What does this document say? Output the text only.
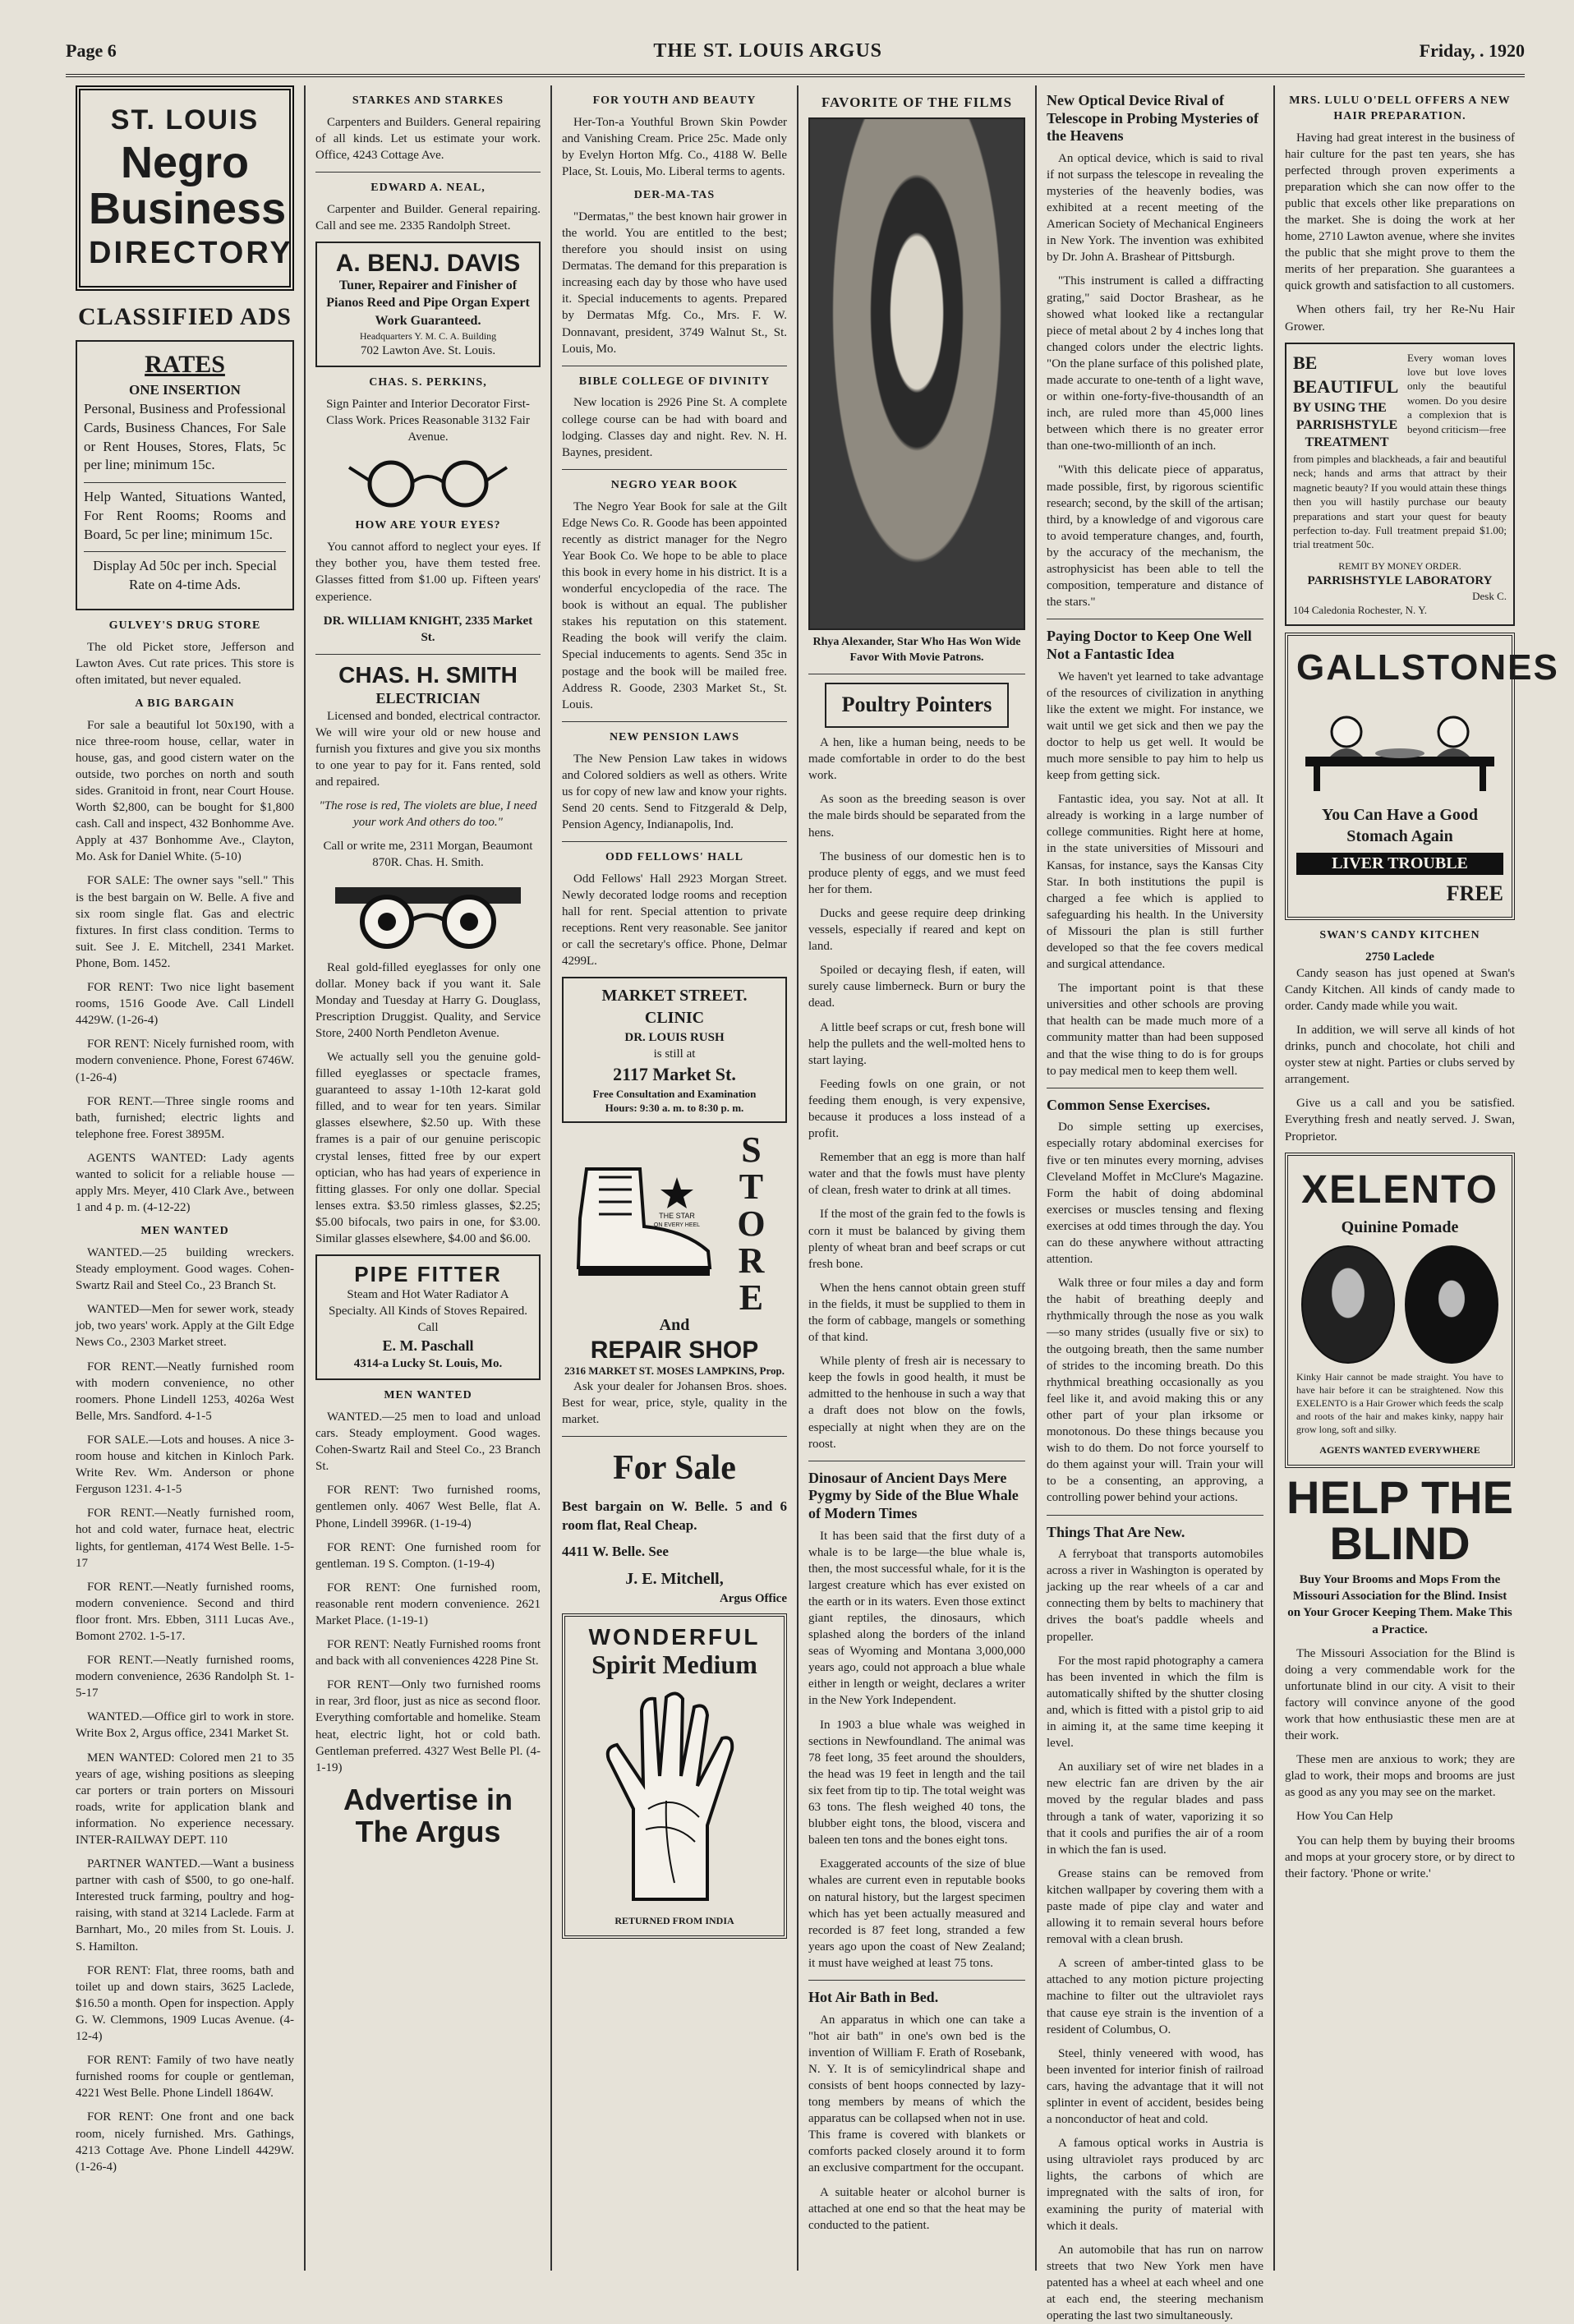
Page 6	THE ST. LOUIS ARGUS	Friday, . 1920
ST. LOUIS
Negro Business
DIRECTORY
CLASSIFIED ADS
RATES
ONE INSERTION

Personal, Business and Professional Cards, Business Chances, For Sale or Rent Houses, Stores, Flats, 5c per line; minimum 15c.

Help Wanted, Situations Wanted, For Rent Rooms; Rooms and Board, 5c per line; minimum 15c.

Display Ad 50c per inch. Special Rate on 4-time Ads.

GULVEY'S DRUG STORE

The old Picket store, Jefferson and Lawton Aves. Cut rate prices. This store is often imitated, but never equaled.

A BIG BARGAIN

For sale a beautiful lot 50x190, with a nice three-room house, cellar, water in house, gas, and good cistern water on the outside, two porches on north and south sides. Granitoid in front, near Court House. Worth $2,800, can be bought for $1,800 cash. Call and inspect, 432 Bonhomme Ave. Apply at 437 Bonhomme Ave., Clayton, Mo. Ask for Daniel White. (5-10)

FOR SALE: The owner says "sell." This is the best bargain on W. Belle. A five and six room single flat. Gas and electric fixtures. In first class condition. Terms to suit. See J. E. Mitchell, 2341 Market. Phone, Bom. 1452.

FOR RENT: Two nice light basement rooms, 1516 Goode Ave. Call Lindell 4429W. (1-26-4)

FOR RENT: Nicely furnished room, with modern convenience. Phone, Forest 6746W. (1-26-4)

FOR RENT.—Three single rooms and bath, furnished; electric lights and telephone free. Forest 3895M.

AGENTS WANTED: Lady agents wanted to solicit for a reliable house —apply Mrs. Meyer, 410 Clark Ave., between 1 and 4 p. m. (4-12-22)

MEN WANTED

WANTED.—25 building wreckers. Steady employment. Good wages. Cohen-Swartz Rail and Steel Co., 23 Branch St.

WANTED—Men for sewer work, steady job, two years' work. Apply at the Gilt Edge News Co., 2303 Market street.

FOR RENT.—Neatly furnished room with modern convenience, no other roomers. Phone Lindell 1253, 4026a West Belle, Mrs. Sandford. 4-1-5

FOR SALE.—Lots and houses. A nice 3-room house and kitchen in Kinloch Park. Write Rev. Wm. Anderson or phone Ferguson 1231. 4-1-5

FOR RENT.—Neatly furnished room, hot and cold water, furnace heat, electric lights, for gentleman, 4174 West Belle. 1-5-17

FOR RENT.—Neatly furnished rooms, modern convenience. Second and third floor front. Mrs. Ebben, 3111 Lucas Ave., Bomont 2702. 1-5-17.

FOR RENT.—Neatly furnished rooms, modern convenience, 2636 Randolph St. 1-5-17

WANTED.—Office girl to work in store. Write Box 2, Argus office, 2341 Market St.

MEN WANTED: Colored men 21 to 35 years of age, wishing positions as sleeping car porters or train porters on Missouri roads, write for application blank and information. No experience necessary. INTER-RAILWAY DEPT. 110

PARTNER WANTED.—Want a business partner with cash of $500, to go one-half. Interested truck farming, poultry and hog-raising, with stand at 3214 Laclede. Farm at Barnhart, Mo., 20 miles from St. Louis. J. S. Hamilton.

FOR RENT: Flat, three rooms, bath and toilet up and down stairs, 3625 Laclede, $16.50 a month. Open for inspection. Apply G. W. Clemmons, 1909 Lucas Avenue. (4-12-4)

FOR RENT: Family of two have neatly furnished rooms for couple or gentleman, 4221 West Belle. Phone Lindell 1864W.

FOR RENT: One front and one back room, nicely furnished. Mrs. Gathings, 4213 Cottage Ave. Phone Lindell 4429W. (1-26-4)

STARKES AND STARKES

Carpenters and Builders. General repairing of all kinds. Let us estimate your work. Office, 4243 Cottage Ave.

EDWARD A. NEAL,

Carpenter and Builder. General repairing. Call and see me. 2335 Randolph Street.

A. BENJ. DAVIS
Tuner, Repairer and Finisher of Pianos Reed and Pipe Organ Expert Work Guaranteed.
Headquarters Y. M. C. A. Building
702 Lawton Ave. St. Louis.
CHAS. S. PERKINS,

Sign Painter and Interior Decorator First-Class Work. Prices Reasonable 3132 Fair Avenue.

HOW ARE YOUR EYES?

You cannot afford to neglect your eyes. If they bother you, have them tested free. Glasses fitted from $1.00 up. Fifteen years' experience.

DR. WILLIAM KNIGHT, 2335 Market St.

CHAS. H. SMITH
ELECTRICIAN

Licensed and bonded, electrical contractor. We will wire your old or new house and furnish you fixtures and give you six months to one year to pay for it. Fans rented, sold and repaired.

"The rose is red, The violets are blue, I need your work And others do too."

Call or write me, 2311 Morgan, Beaumont 870R. Chas. H. Smith.

Real gold-filled eyeglasses for only one dollar. Money back if you want it. Sale Monday and Tuesday at Harry G. Douglass, Prescription Druggist. Quality, and Service Store, 2400 North Pendleton Avenue.

We actually sell you the genuine gold-filled eyeglasses or spectacle frames, guaranteed to assay 1-10th 12-karat gold filled, and to wear for ten years. Similar glasses elsewhere, $2.50 up. With these frames is a pair of our genuine periscopic crystal lenses, fitted free by our expert optician, who has had years of experience in fitting glasses. For only one dollar. Special lenses extra. $3.50 rimless glasses, $2.25; $5.00 bifocals, two pairs in one, for $3.00. Similar glasses elsewhere, $4.00 and $6.00.

PIPE FITTER
Steam and Hot Water Radiator A Specialty. All Kinds of Stoves Repaired. Call
E. M. Paschall
4314-a Lucky St. Louis, Mo.
MEN WANTED

WANTED.—25 men to load and unload cars. Steady employment. Good wages. Cohen-Swartz Rail and Steel Co., 23 Branch St.

FOR RENT: Two furnished rooms, gentlemen only. 4067 West Belle, flat A. Phone, Lindell 3996R. (1-19-4)

FOR RENT: One furnished room for gentleman. 19 S. Compton. (1-19-4)

FOR RENT: One furnished room, reasonable rent modern convenience. 2621 Market Place. (1-19-1)

FOR RENT: Neatly Furnished rooms front and back with all conveniences 4228 Pine St.

FOR RENT—Only two furnished rooms in rear, 3rd floor, just as nice as second floor. Everything comfortable and homelike. Steam heat, electric light, hot or cold bath. Gentleman preferred. 4327 West Belle Pl. (4-1-19)

Advertise in The Argus
FOR YOUTH AND BEAUTY

Her-Ton-a Youthful Brown Skin Powder and Vanishing Cream. Price 25c. Made only by Evelyn Horton Mfg. Co., 4188 W. Belle Place, St. Louis, Mo. Liberal terms to agents.

DER-MA-TAS

"Dermatas," the best known hair grower in the world. You are entitled to the best; therefore you should insist on using Dermatas. The demand for this preparation is increasing each day by those who have used it. Special inducements to agents. Prepared by Dermatas Mfg. Co., Mrs. F. W. Donnavant, president, 3749 Walnut St., St. Louis, Mo.

BIBLE COLLEGE OF DIVINITY

New location is 2926 Pine St. A complete college course can be had with board and lodging. Classes day and night. Rev. N. H. Baynes, president.

NEGRO YEAR BOOK

The Negro Year Book for sale at the Gilt Edge News Co. R. Goode has been appointed recently as district manager for the Negro Year Book Co. We hope to be able to place this book in every home in his district. It is a wonderful encyclopedia of the race. The book is without an equal. The publisher stakes his reputation on this statement. Reading the book will verify the claim. Special inducements to agents. Send 35c in postage and the book will be mailed free. Address R. Goode, 2303 Market St., St. Louis.

NEW PENSION LAWS

The New Pension Law takes in widows and Colored soldiers as well as others. Write us for copy of new law and know your rights. Send 20 cents. Send to Fitzgerald & Delp, Pension Agency, Indianapolis, Ind.

ODD FELLOWS' HALL

Odd Fellows' Hall 2923 Morgan Street. Newly decorated lodge rooms and reception hall for rent. Special attention to private receptions. Rent very reasonable. See janitor or call the secretary's office. Phone, Delmar 4299L.

MARKET STREET. CLINIC
DR. LOUIS RUSH
is still at
2117 Market St.
Free Consultation and Examination
Hours: 9:30 a. m. to 8:30 p. m.
THE STAR
ON EVERY HEEL STORE
And
REPAIR SHOP
2316 MARKET ST. MOSES LAMPKINS, Prop.

Ask your dealer for Johansen Bros. shoes. Best for wear, price, style, quality in the market.

For Sale

Best bargain on W. Belle. 5 and 6 room flat, Real Cheap.

4411 W. Belle. See

J. E. Mitchell,
Argus Office
WONDERFUL
Spirit Medium
RETURNED FROM INDIA
FAVORITE OF THE FILMS
Rhya Alexander, Star Who Has Won Wide Favor With Movie Patrons.
Poultry Pointers

A hen, like a human being, needs to be made comfortable in order to do the best work.

As soon as the breeding season is over the male birds should be separated from the hens.

The business of our domestic hen is to produce plenty of eggs, and we must feed her for them.

Ducks and geese require deep drinking vessels, especially if reared and kept on land.

Spoiled or decaying flesh, if eaten, will surely cause limberneck. Burn or bury the dead.

A little beef scraps or cut, fresh bone will help the pullets and the well-molted hens to start laying.

Feeding fowls on one grain, or not feeding them enough, is very expensive, because it produces a loss instead of a profit.

Remember that an egg is more than half water and that the fowls must have plenty of clean, fresh water to drink at all times.

If the most of the grain fed to the fowls is corn it must be balanced by giving them plenty of wheat bran and beef scraps or cut fresh bone.

When the hens cannot obtain green stuff in the fields, it must be supplied to them in the form of cabbage, mangels or something of that kind.

While plenty of fresh air is necessary to keep the fowls in good health, it must be admitted to the henhouse in such a way that a draft does not blow on the fowls, especially at night when they are on the roost.

Dinosaur of Ancient Days Mere Pygmy by Side of the Blue Whale of Modern Times

It has been said that the first duty of a whale is to be large—the blue whale is, then, the most successful whale, for it is the largest creature which has ever existed on the earth or in its waters. Even those extinct giant reptiles, the dinosaurs, which splashed along the borders of the inland seas of Wyoming and Montana 3,000,000 years ago, could not approach a blue whale either in length or weight, declares a writer in the New York Independent.

In 1903 a blue whale was weighed in sections in Newfoundland. The animal was 78 feet long, 35 feet around the shoulders, the head was 19 feet in length and the tail six feet from tip to tip. The total weight was 63 tons. The flesh weighed 40 tons, the blubber eight tons, the blood, viscera and baleen ten tons and the bones eight tons.

Exaggerated accounts of the size of blue whales are current even in reputable books on natural history, but the largest specimen which has yet been actually measured and recorded is 87 feet long, stranded a few years ago upon the coast of New Zealand; it must have weighed at least 75 tons.

Hot Air Bath in Bed.

An apparatus in which one can take a "hot air bath" in one's own bed is the invention of William F. Erath of Rosebank, N. Y. It is of semicylindrical shape and consists of bent hoops connected by lazy-tong members by means of which the apparatus can be collapsed when not in use. This frame is covered with blankets or comforts packed closely around it to form an exclusive compartment for the occupant.

A suitable heater or alcohol burner is attached at one end so that the heat may be conducted to the patient.

New Optical Device Rival of Telescope in Probing Mysteries of the Heavens

An optical device, which is said to rival if not surpass the telescope in revealing the mysteries of the heavenly bodies, was exhibited at a recent meeting of the American Society of Mechanical Engineers in New York. The invention was exhibited by Dr. John A. Brashear of Pittsburgh.

"This instrument is called a diffracting grating," said Doctor Brashear, as he showed what looked like a rectangular piece of metal about 2 by 4 inches long that changed colors under the electric lights. "On the plane surface of this polished plate, made accurate to one-tenth of a light wave, or within one-forty-five-thousandth of an inch, are ruled more than 45,000 lines between which there is no greater error than one-two-millionth of an inch.

"With this delicate piece of apparatus, made possible, first, by rigorous scientific research; second, by the skill of the artisan; third, by a knowledge of and vigorous care to avoid temperature changes, and, fourth, by the accuracy of the mechanism, the astrophysicist has been able to tell the composition, temperature and distance of the stars."

Paying Doctor to Keep One Well Not a Fantastic Idea

We haven't yet learned to take advantage of the resources of civilization in anything like the extent we might. For instance, we wait until we get sick and then we pay the doctor to help us get well. It would be much more sensible to pay him to help us keep from getting sick.

Fantastic idea, you say. Not at all. It already is working in a large number of college communities. Right here at home, in the state universities of Missouri and Kansas, for instance, says the Kansas City Star. In both institutions the pupil is charged a fee which is applied to safeguarding his health. In the University of Missouri the plan is still further developed so that the fee covers medical and surgical attendance.

The important point is that these universities and other schools are proving that health can be made much more of a community matter than had been supposed and that the wise thing to do is for groups to pay medical men to keep them well.

Common Sense Exercises.

Do simple setting up exercises, especially rotary abdominal exercises for five or ten minutes every morning, advises Cleveland Moffet in McClure's Magazine. Form the habit of doing abdominal exercises or muscles tensing and flexing exercises at odd times through the day. You can do these anywhere without attracting attention.

Walk three or four miles a day and form the habit of breathing deeply and rhythmically through the nose as you walk—so many strides (usually five or six) to the outgoing breath, then the same number of strides to the incoming breath. Do this rhythmical breathing occasionally as you feel like it, and avoid making this or any other part of your plan irksome or monotonous. Do these things because you wish to do them. Do not force yourself to do them against your will. Train your will to be a consenting, an approving, a controlling power behind your actions.

Things That Are New.

A ferryboat that transports automobiles across a river in Washington is operated by jacking up the rear wheels of a car and connecting them by belts to machinery that drives the boat's paddle wheels and propeller.

For the most rapid photography a camera has been invented in which the film is automatically shifted by the shutter closing and, which is fitted with a pistol grip to aid in aiming it, at the same time keeping it level.

An auxiliary set of wire net blades in a new electric fan are driven by the air moved by the regular blades and pass through a tank of water, vaporizing it so that it cools and purifies the air of a room in which the fan is used.

Grease stains can be removed from kitchen wallpaper by covering them with a paste made of pipe clay and water and allowing it to remain several hours before removal with a clean brush.

A screen of amber-tinted glass to be attached to any motion picture projecting machine to filter out the ultraviolet rays that cause eye strain is the invention of a resident of Columbus, O.

Steel, thinly veneered with wood, has been invented for interior finish of railroad cars, having the advantage that it will not splinter in event of accident, besides being a nonconductor of heat and cold.

A famous optical works in Austria is using ultraviolet rays produced by arc lights, the carbons of which are impregnated with the salts of iron, for examining the purity of material with which it deals.

An automobile that has run on narrow streets that two New York men have patented has a wheel at each wheel and one at each end, the steering mechanism operating the last two simultaneously.

MRS. LULU O'DELL OFFERS A NEW HAIR PREPARATION.

Having had great interest in the business of hair culture for the past ten years, she has perfected through proven experiments a preparation which she can now offer to the public that excels other like preparations on the market. She is doing the work at her home, 2710 Lawton avenue, where she invites the public that she might prove to them the merits of her preparation. She guarantees a quick growth and satisfaction to all customers.

When others fail, try her Re-Nu Hair Grower.

BE BEAUTIFUL
BY USING THE
PARRISHSTYLE TREATMENT
Every woman loves love but love loves only the beautiful women. Do you desire a complexion that is beyond criticism—free

from pimples and blackheads, a fair and beautiful neck; hands and arms that attract by their magnetic beauty? If you would attain these things then you will hastily purchase our beauty preparations and start your quest for beauty perfection to-day. Full treatment prepaid $1.00; trial treatment 50c.

REMIT BY MONEY ORDER.
PARRISHSTYLE LABORATORY
Desk C.
104 Caledonia Rochester, N. Y.
GALLSTONES
You Can Have a Good Stomach Again
LIVER TROUBLE
FREE
SWAN'S CANDY KITCHEN
2750 Laclede

Candy season has just opened at Swan's Candy Kitchen. All kinds of candy made to order. Candy made while you wait.

In addition, we will serve all kinds of hot drinks, punch and chocolate, hot chili and oyster stew at night. Parties or clubs served by arrangement.

Give us a call and you be satisfied. Everything fresh and neatly served. J. Swan, Proprietor.

XELENTO
Quinine Pomade

Kinky Hair cannot be made straight. You have to have hair before it can be straightened. Now this EXELENTO is a Hair Grower which feeds the scalp and roots of the hair and makes kinky, nappy hair grow long, soft and silky.

AGENTS WANTED EVERYWHERE
HELP THE BLIND

Buy Your Brooms and Mops From the Missouri Association for the Blind. Insist on Your Grocer Keeping Them. Make This a Practice.

The Missouri Association for the Blind is doing a very commendable work for the unfortunate blind in our city. A visit to their factory will convince anyone of the good work that how enthusiastic these men are at their work.

These men are anxious to work; they are glad to work, their mops and brooms are just as good as any you may see on the market.

How You Can Help

You can help them by buying their brooms and mops at your grocery store, or by direct to their factory. 'Phone or write.'
